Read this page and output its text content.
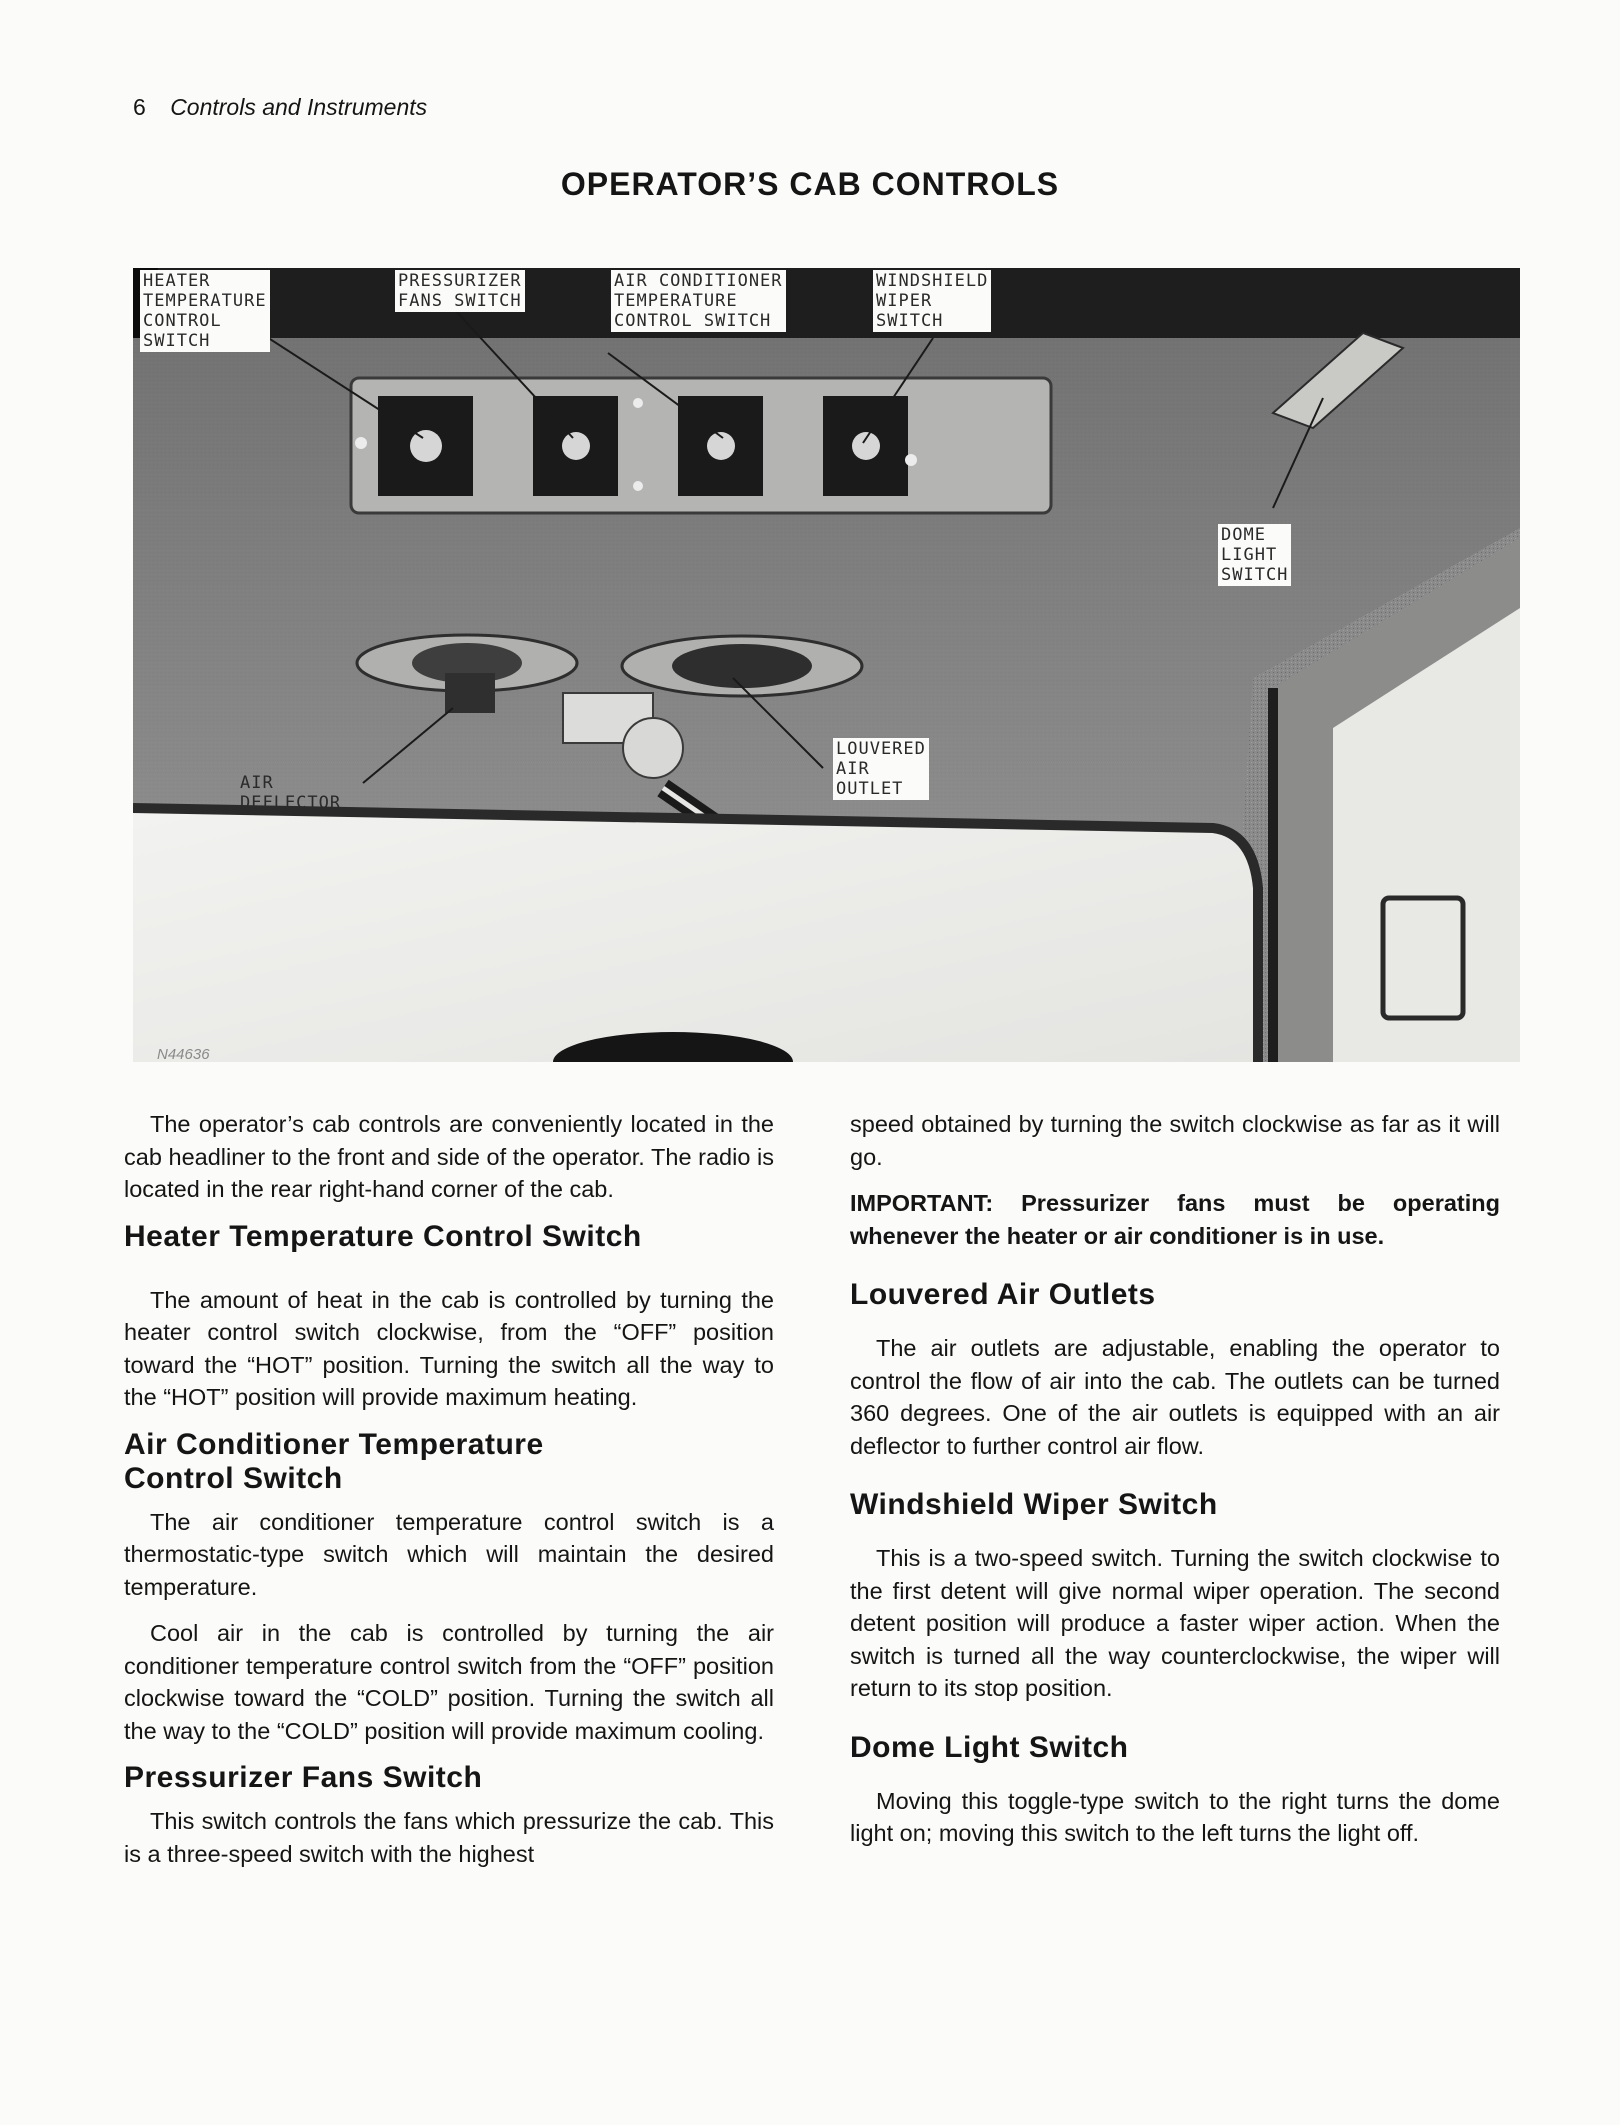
6 Controls and Instruments
OPERATOR’S CAB CONTROLS
HEATER
TEMPERATURE
CONTROL
SWITCH
PRESSURIZER
FANS SWITCH
AIR CONDITIONER
TEMPERATURE
CONTROL SWITCH
WINDSHIELD
WIPER
SWITCH
DOME
LIGHT
SWITCH
LOUVERED
AIR
OUTLET
AIR
DEFLECTOR
N44636

The operator’s cab controls are conveniently located in the cab headliner to the front and side of the operator. The radio is located in the rear right-hand corner of the cab.

Heater Temperature Control Switch

The amount of heat in the cab is controlled by turning the heater control switch clockwise, from the “OFF” position toward the “HOT” position. Turning the switch all the way to the “HOT” position will provide maximum heating.

Air Conditioner Temperature Control Switch

The air conditioner temperature control switch is a thermostatic-type switch which will maintain the desired temperature.

Cool air in the cab is controlled by turning the air conditioner temperature control switch from the “OFF” position clockwise toward the “COLD” position. Turning the switch all the way to the “COLD” position will provide maximum cooling.

Pressurizer Fans Switch

This switch controls the fans which pressurize the cab. This is a three-speed switch with the highest

speed obtained by turning the switch clockwise as far as it will go.

IMPORTANT: Pressurizer fans must be operating whenever the heater or air conditioner is in use.

Louvered Air Outlets

The air outlets are adjustable, enabling the operator to control the flow of air into the cab. The outlets can be turned 360 degrees. One of the air outlets is equipped with an air deflector to further control air flow.

Windshield Wiper Switch

This is a two-speed switch. Turning the switch clockwise to the first detent will give normal wiper operation. The second detent position will produce a faster wiper action. When the switch is turned all the way counterclockwise, the wiper will return to its stop position.

Dome Light Switch

Moving this toggle-type switch to the right turns the dome light on; moving this switch to the left turns the light off.
